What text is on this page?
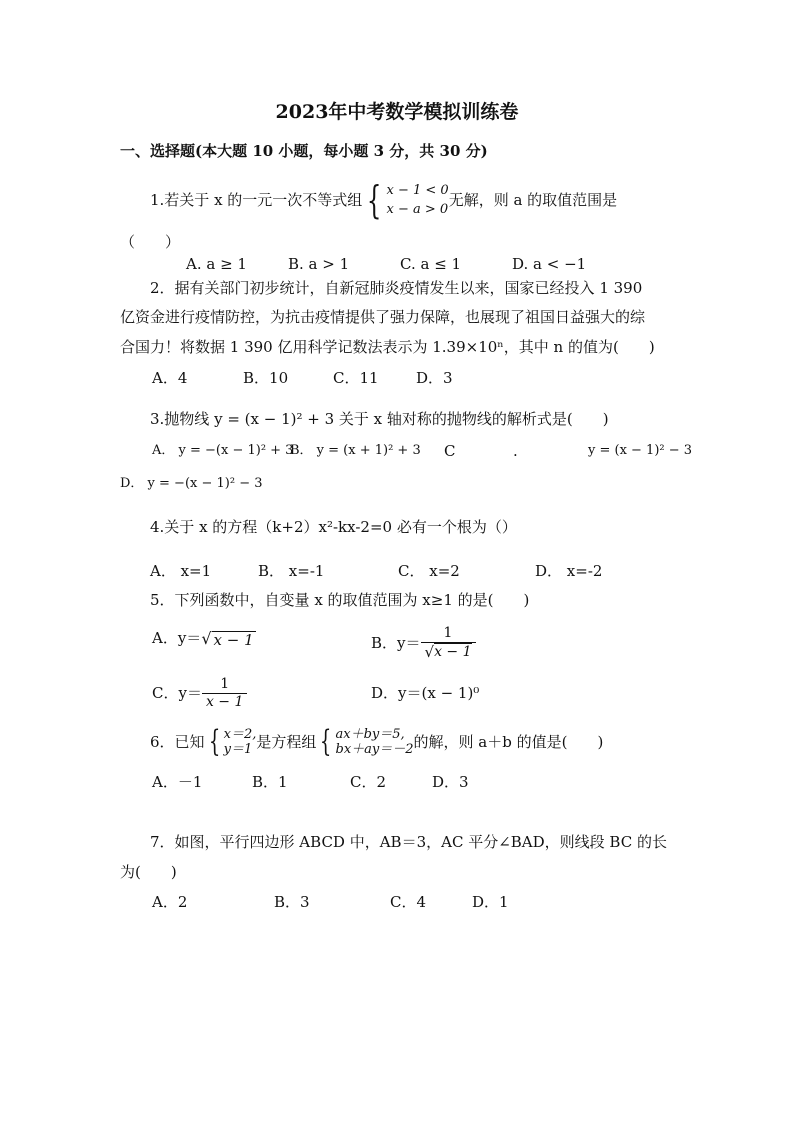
2023年中考数学模拟训练卷
一、选择题(本大题 10 小题，每小题 3 分，共 30 分)
1.若关于 x 的一元一次不等式组 { x − 1 < 0
x − a > 0
无解，则 a 的取值范围是
（　　）
A. a ≥ 1	B. a > 1	C. a ≤ 1	D. a < −1
2．据有关部门初步统计，自新冠肺炎疫情发生以来，国家已经投入 1 390
亿资金进行疫情防控，为抗击疫情提供了强力保障，也展现了祖国日益强大的综
合国力！将数据 1 390 亿用科学记数法表示为 1.39×10ⁿ，其中 n 的值为(　　)
A．4	B．10	C．11 D．3
3.抛物线 y = (x − 1)² + 3 关于 x 轴对称的抛物线的解析式是(　　)
A． y = −(x − 1)² + 3
B． y = (x + 1)² + 3 C	.	y = (x − 1)² − 3
D． y = −(x − 1)² − 3
4.关于 x 的方程（k+2）x²-kx-2=0 必有一个根为（）
A． x=1	B． x=-1	C． x=2	D． x=-2
5．下列函数中，自变量 x 的取值范围为 x≥1 的是(　　)
A．y＝ √ x − 1	B．$y= \frac{1}{√ x - 1}$
C．$y= \frac{1}{x - 1}$	D．y＝(x − 1)⁰
6．已知 { x＝2,
y＝1 是方程组 { ax＋by＝5,
bx＋ay＝－2 的解，则 a＋b 的值是(　　)
A．－1	B．1	C．2	D．3
7．如图，平行四边形 ABCD 中，AB＝3，AC 平分∠BAD，则线段 BC 的长
为(　　)
A．2	B．3	C．4	D．1
